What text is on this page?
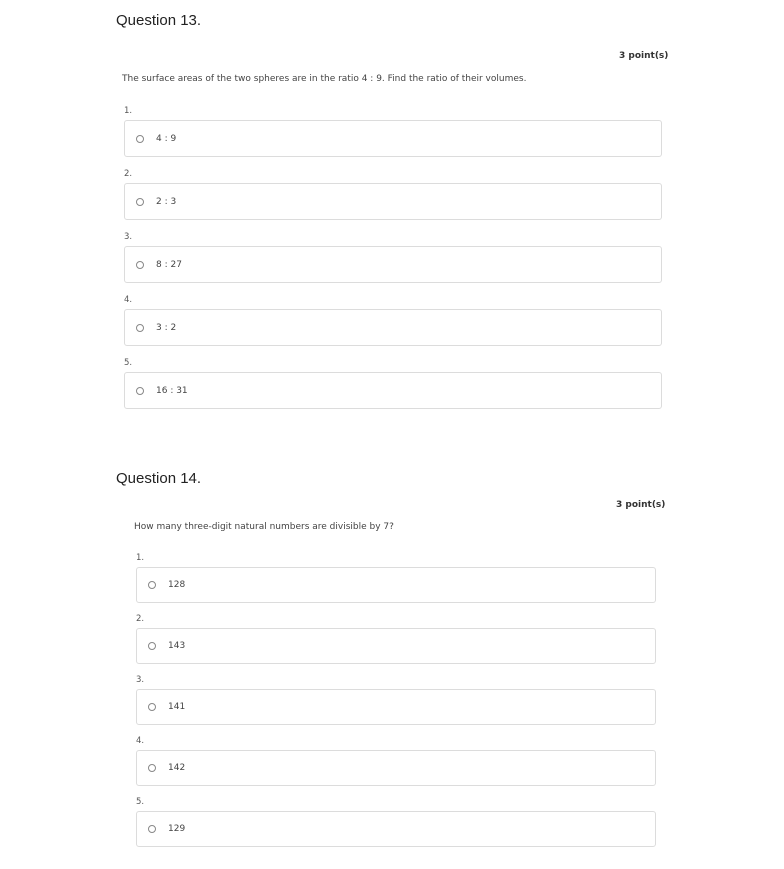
Question 13.
3 point(s)
The surface areas of the two spheres are in the ratio 4 : 9. Find the ratio of their volumes.
1.
4 : 9
2.
2 : 3
3.
8 : 27
4.
3 : 2
5.
16 : 31
Question 14.
3 point(s)
How many three-digit natural numbers are divisible by 7?
1.
128
2.
143
3.
141
4.
142
5.
129
